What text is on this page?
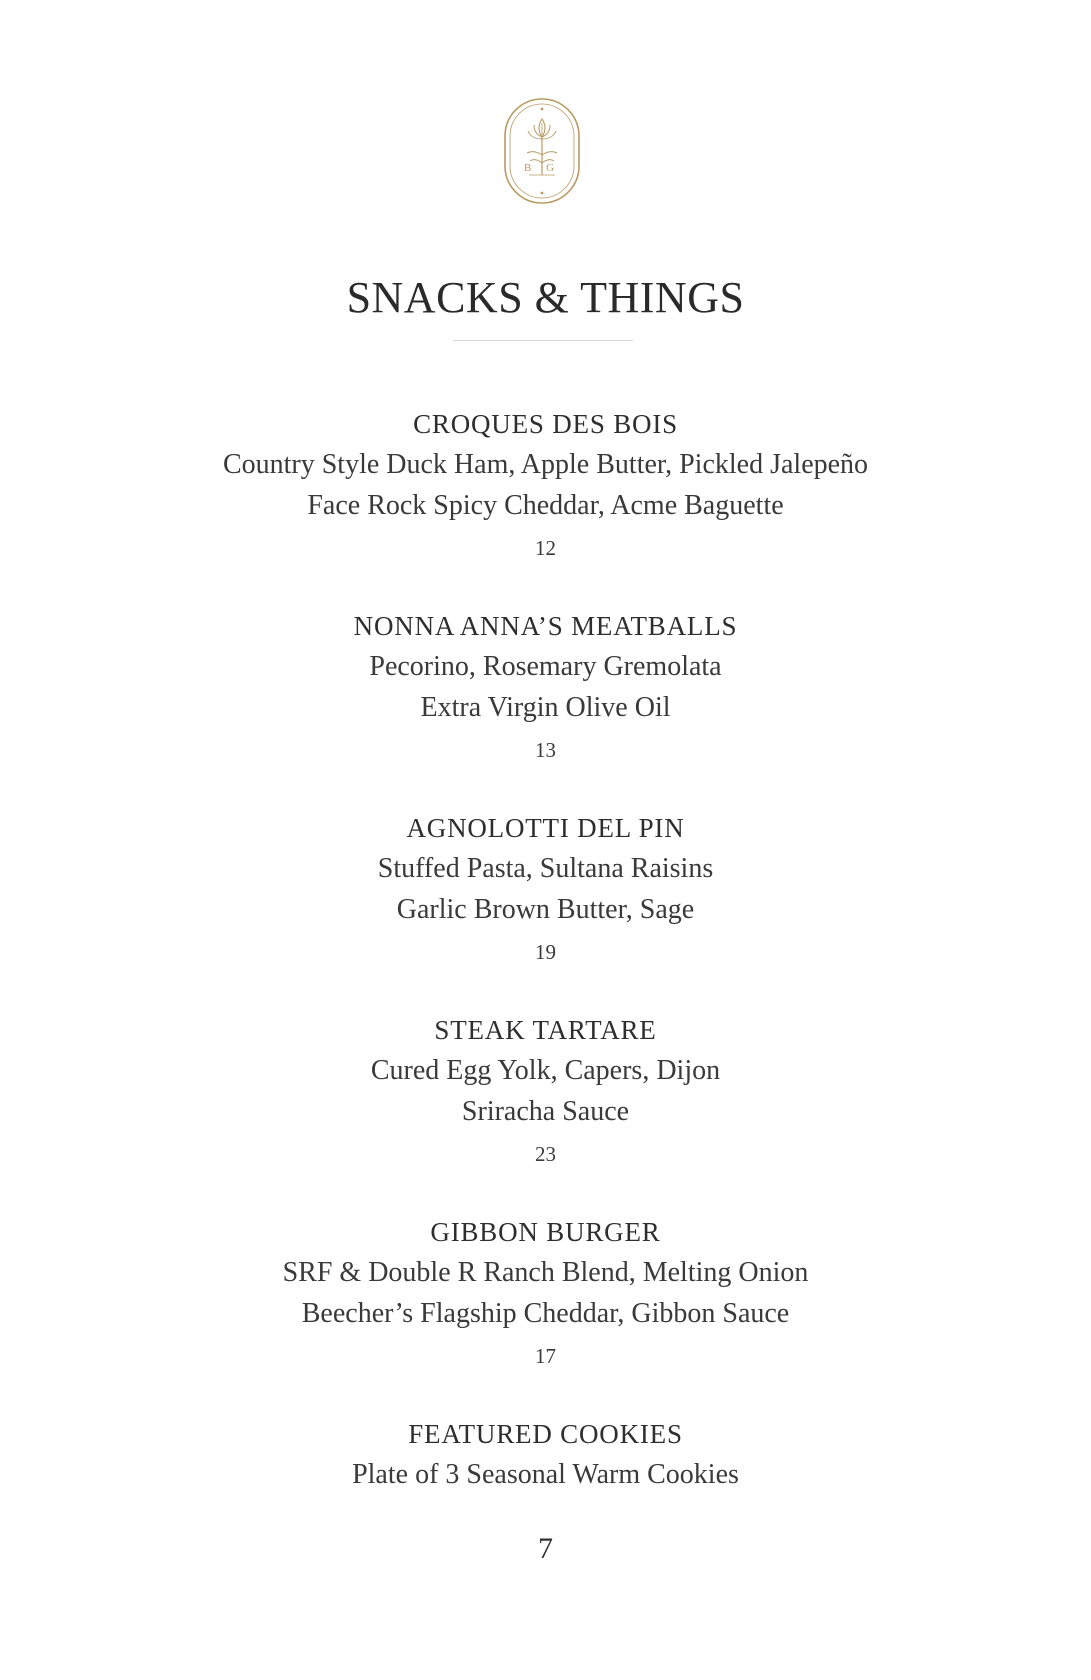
B G
SNACKS & THINGS
CROQUES DES BOIS
Country Style Duck Ham, Apple Butter, Pickled Jalepeño
Face Rock Spicy Cheddar, Acme Baguette
12
NONNA ANNA’S MEATBALLS
Pecorino, Rosemary Gremolata
Extra Virgin Olive Oil
13
AGNOLOTTI DEL PIN
Stuffed Pasta, Sultana Raisins
Garlic Brown Butter, Sage
19
STEAK TARTARE
Cured Egg Yolk, Capers, Dijon
Sriracha Sauce
23
GIBBON BURGER
SRF & Double R Ranch Blend, Melting Onion
Beecher’s Flagship Cheddar, Gibbon Sauce
17
FEATURED COOKIES
Plate of 3 Seasonal Warm Cookies
7
